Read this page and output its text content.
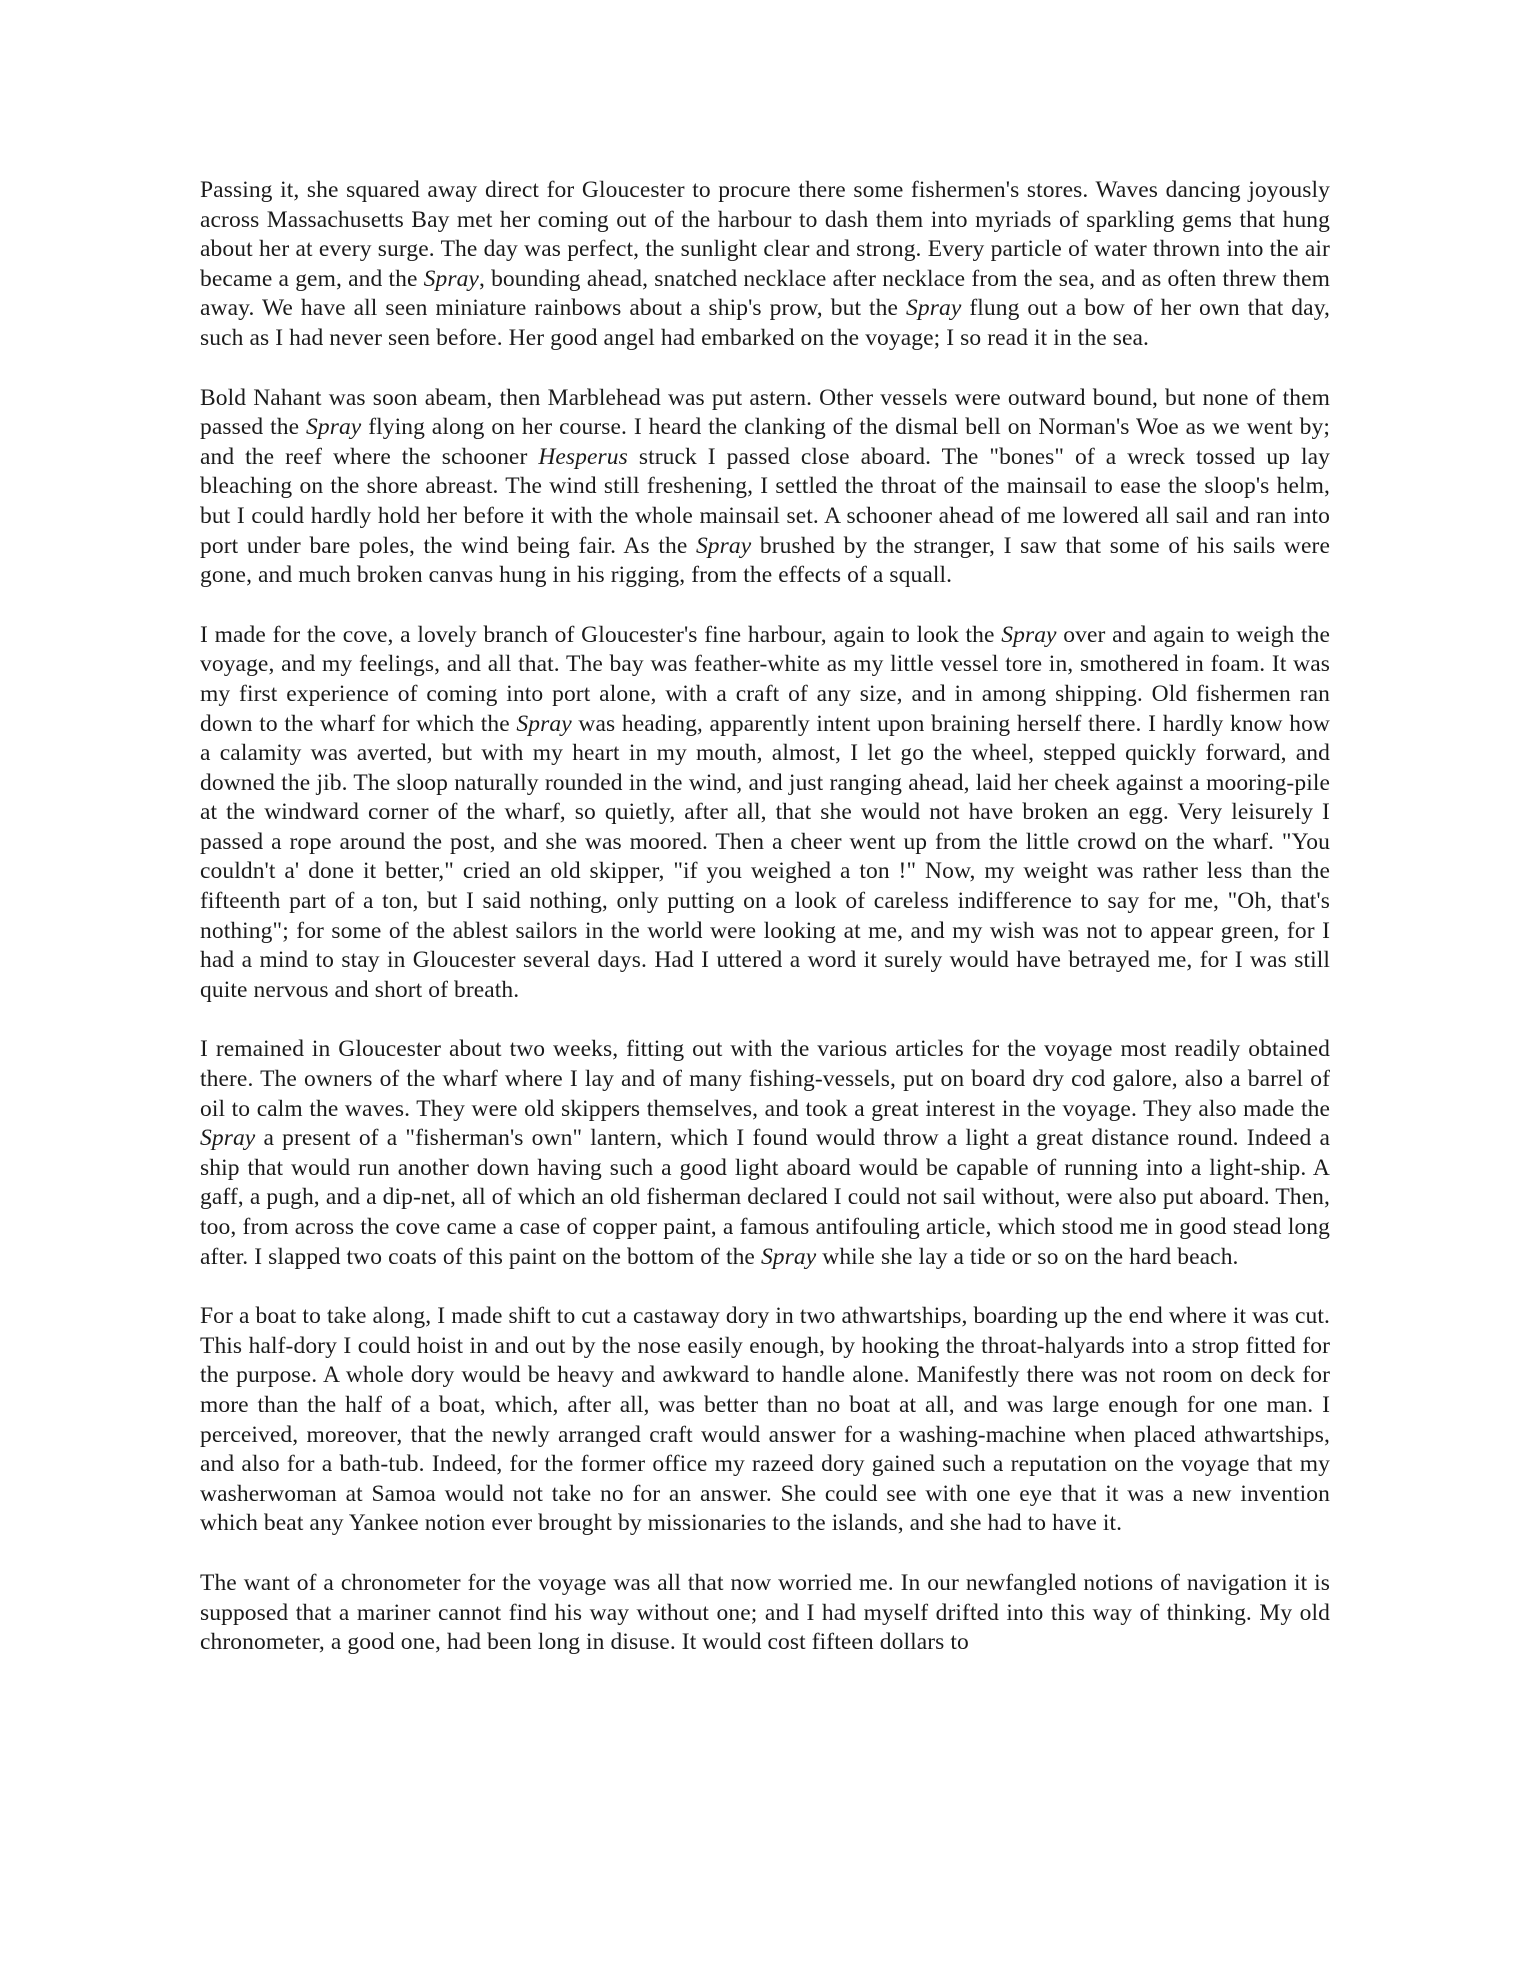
Passing it, she squared away direct for Gloucester to procure there some fishermen's stores. Waves dancing joyously across Massachusetts Bay met her coming out of the harbour to dash them into myriads of sparkling gems that hung about her at every surge. The day was perfect, the sunlight clear and strong. Every particle of water thrown into the air became a gem, and the Spray, bounding ahead, snatched necklace after necklace from the sea, and as often threw them away. We have all seen miniature rainbows about a ship's prow, but the Spray flung out a bow of her own that day, such as I had never seen before. Her good angel had embarked on the voyage; I so read it in the sea.

Bold Nahant was soon abeam, then Marblehead was put astern. Other vessels were outward bound, but none of them passed the Spray flying along on her course. I heard the clanking of the dismal bell on Norman's Woe as we went by; and the reef where the schooner Hesperus struck I passed close aboard. The "bones" of a wreck tossed up lay bleaching on the shore abreast. The wind still freshening, I settled the throat of the mainsail to ease the sloop's helm, but I could hardly hold her before it with the whole mainsail set. A schooner ahead of me lowered all sail and ran into port under bare poles, the wind being fair. As the Spray brushed by the stranger, I saw that some of his sails were gone, and much broken canvas hung in his rigging, from the effects of a squall.

I made for the cove, a lovely branch of Gloucester's fine harbour, again to look the Spray over and again to weigh the voyage, and my feelings, and all that. The bay was feather-white as my little vessel tore in, smothered in foam. It was my first experience of coming into port alone, with a craft of any size, and in among shipping. Old fishermen ran down to the wharf for which the Spray was heading, apparently intent upon braining herself there. I hardly know how a calamity was averted, but with my heart in my mouth, almost, I let go the wheel, stepped quickly forward, and downed the jib. The sloop naturally rounded in the wind, and just ranging ahead, laid her cheek against a mooring-pile at the windward corner of the wharf, so quietly, after all, that she would not have broken an egg. Very leisurely I passed a rope around the post, and she was moored. Then a cheer went up from the little crowd on the wharf. "You couldn't a' done it better," cried an old skipper, "if you weighed a ton !" Now, my weight was rather less than the fifteenth part of a ton, but I said nothing, only putting on a look of careless indifference to say for me, "Oh, that's nothing"; for some of the ablest sailors in the world were looking at me, and my wish was not to appear green, for I had a mind to stay in Gloucester several days. Had I uttered a word it surely would have betrayed me, for I was still quite nervous and short of breath.

I remained in Gloucester about two weeks, fitting out with the various articles for the voyage most readily obtained there. The owners of the wharf where I lay and of many fishing-vessels, put on board dry cod galore, also a barrel of oil to calm the waves. They were old skippers themselves, and took a great interest in the voyage. They also made the Spray a present of a "fisherman's own" lantern, which I found would throw a light a great distance round. Indeed a ship that would run another down having such a good light aboard would be capable of running into a light-ship. A gaff, a pugh, and a dip-net, all of which an old fisherman declared I could not sail without, were also put aboard. Then, too, from across the cove came a case of copper paint, a famous antifouling article, which stood me in good stead long after. I slapped two coats of this paint on the bottom of the Spray while she lay a tide or so on the hard beach.

For a boat to take along, I made shift to cut a castaway dory in two athwartships, boarding up the end where it was cut. This half-dory I could hoist in and out by the nose easily enough, by hooking the throat-halyards into a strop fitted for the purpose. A whole dory would be heavy and awkward to handle alone. Manifestly there was not room on deck for more than the half of a boat, which, after all, was better than no boat at all, and was large enough for one man. I perceived, moreover, that the newly arranged craft would answer for a washing-machine when placed athwartships, and also for a bath-tub. Indeed, for the former office my razeed dory gained such a reputation on the voyage that my washerwoman at Samoa would not take no for an answer. She could see with one eye that it was a new invention which beat any Yankee notion ever brought by missionaries to the islands, and she had to have it.

The want of a chronometer for the voyage was all that now worried me. In our newfangled notions of navigation it is supposed that a mariner cannot find his way without one; and I had myself drifted into this way of thinking. My old chronometer, a good one, had been long in disuse. It would cost fifteen dollars to
